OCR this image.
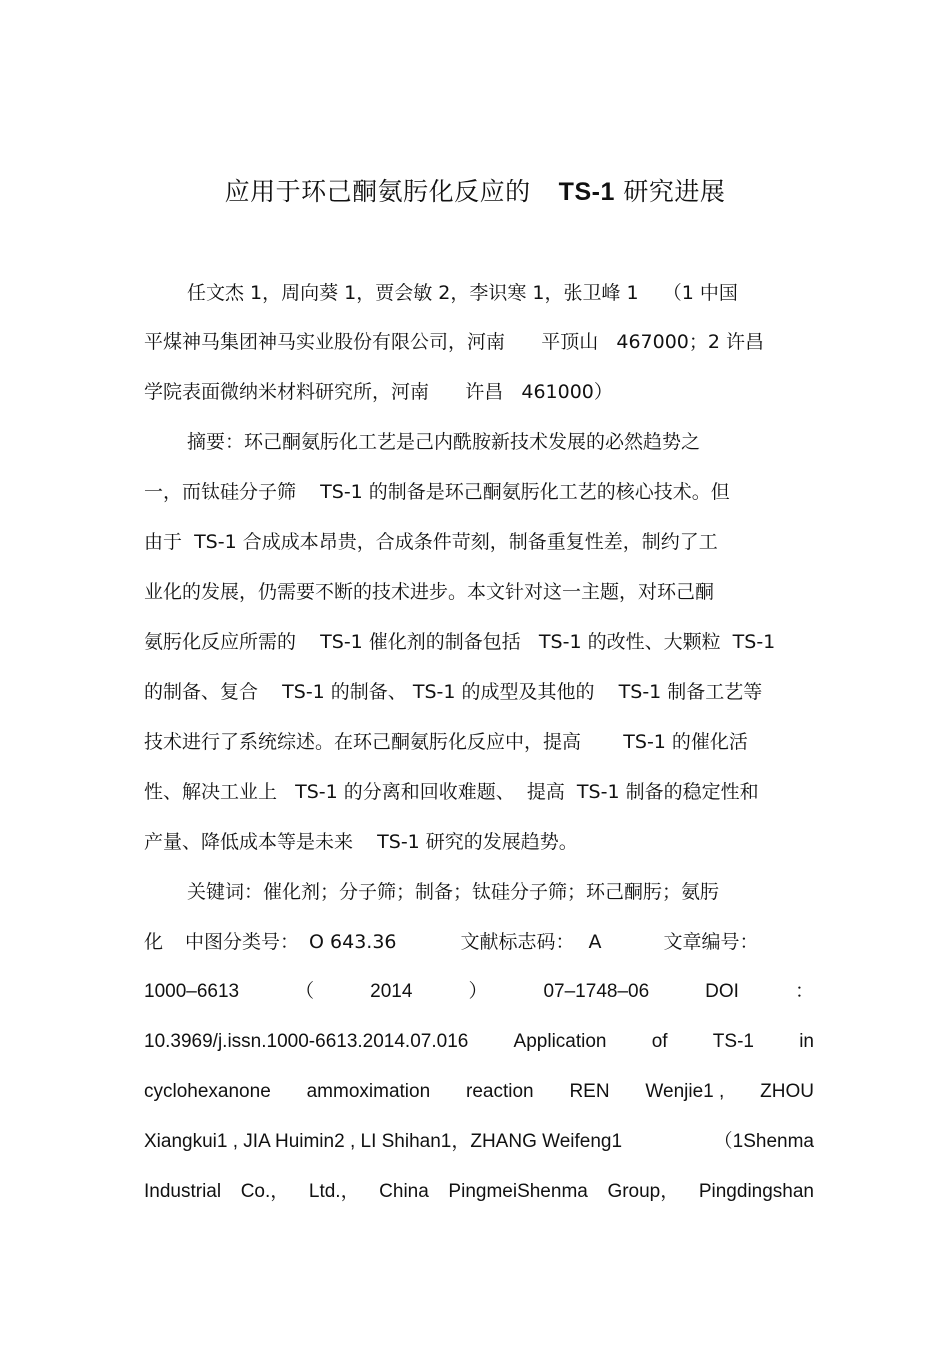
应用于环己酮氨肟化反应的 TS-1 研究进展
任文杰 1，周向葵 1，贾会敏 2，李识寒 1，张卫峰 1    （1 中国
平煤神马集团神马实业股份有限公司，河南      平顶山   467000；2 许昌
学院表面微纳米材料研究所，河南      许昌   461000）
摘要：环己酮氨肟化工艺是己内酰胺新技术发展的必然趋势之
一，而钛硅分子筛    TS-1 的制备是环己酮氨肟化工艺的核心技术。但
由于  TS-1 合成成本昂贵，合成条件苛刻，制备重复性差，制约了工
业化的发展，仍需要不断的技术进步。本文针对这一主题，对环己酮
氨肟化反应所需的    TS-1 催化剂的制备包括   TS-1 的改性、大颗粒  TS-1
的制备、复合    TS-1 的制备、 TS-1 的成型及其他的    TS-1 制备工艺等
技术进行了系统综述。在环己酮氨肟化反应中，提高       TS-1 的催化活
性、解决工业上   TS-1 的分离和回收难题、  提高  TS-1 制备的稳定性和
产量、降低成本等是未来    TS-1 研究的发展趋势。
关键词：催化剂；分子筛；制备；钛硅分子筛；环己酮肟；氨肟
化 中图分类号： O 643.36	文献标志码： A	文章编号：
1000–6613	（	2014	）	07–1748–06	DOI	：
10.3969/j.issn.1000-6613.2014.07.016 Application of TS-1 in
cyclohexanone ammoximation reaction REN Wenjie1 , ZHOU
Xiangkui1 , JIA Huimin2 , LI Shihan1，ZHANG Weifeng1	（1Shenma
Industrial Co.， Ltd.， China PingmeiShenma Group， Pingdingshan
